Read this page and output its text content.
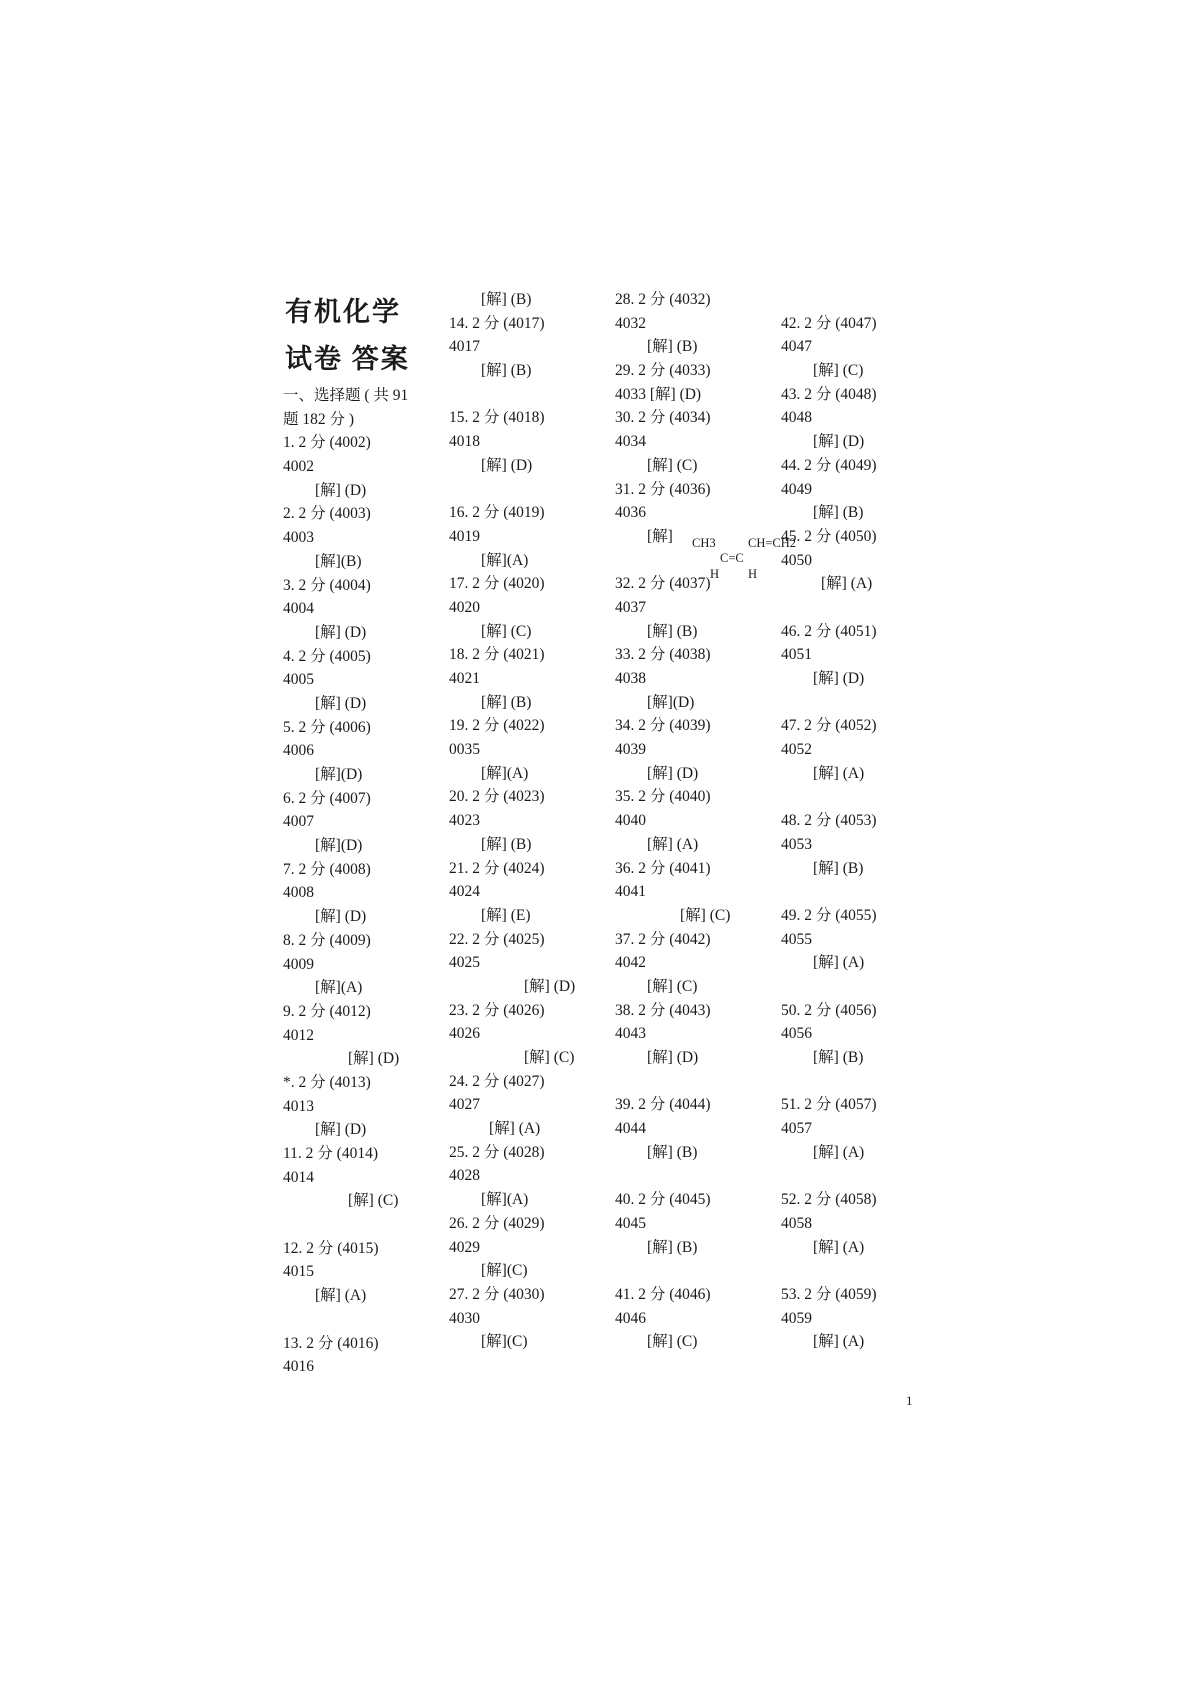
有机化学
试卷 答案
一、选择题 ( 共 91
题 182 分 )
1. 2 分 (4002)
4002
[解] (D)
2. 2 分 (4003)
4003
[解](B)
3. 2 分 (4004)
4004
[解] (D)
4. 2 分 (4005)
4005
[解] (D)
5. 2 分 (4006)
4006
[解](D)
6. 2 分 (4007)
4007
[解](D)
7. 2 分 (4008)
4008
[解] (D)
8. 2 分 (4009)
4009
[解](A)
9. 2 分 (4012)
4012
[解] (D)
*. 2 分 (4013)
4013
[解] (D)
11. 2 分 (4014)
4014
[解] (C)
12. 2 分 (4015)
4015
[解] (A)
13. 2 分 (4016)
4016
[解] (B)
14. 2 分 (4017)
4017
[解] (B)
15. 2 分 (4018)
4018
[解] (D)
16. 2 分 (4019)
4019
[解](A)
17. 2 分 (4020)
4020
[解] (C)
18. 2 分 (4021)
4021
[解] (B)
19. 2 分 (4022)
0035
[解](A)
20. 2 分 (4023)
4023
[解] (B)
21. 2 分 (4024)
4024
[解] (E)
22. 2 分 (4025)
4025
[解] (D)
23. 2 分 (4026)
4026
[解] (C)
24. 2 分 (4027)
4027
[解] (A)
25. 2 分 (4028)
4028
[解](A)
26. 2 分 (4029)
4029
[解](C)
27. 2 分 (4030)
4030
[解](C)
28. 2 分 (4032)
4032
[解] (B)
29. 2 分 (4033)
4033 [解] (D)
30. 2 分 (4034)
4034
[解] (C)
31. 2 分 (4036)
4036
[解]
32. 2 分 (4037)
4037
[解] (B)
33. 2 分 (4038)
4038
[解](D)
34. 2 分 (4039)
4039
[解] (D)
35. 2 分 (4040)
4040
[解] (A)
36. 2 分 (4041)
4041
[解] (C)
37. 2 分 (4042)
4042
[解] (C)
38. 2 分 (4043)
4043
[解] (D)
39. 2 分 (4044)
4044
[解] (B)
40. 2 分 (4045)
4045
[解] (B)
41. 2 分 (4046)
4046
[解] (C)
42. 2 分 (4047)
4047
[解] (C)
43. 2 分 (4048)
4048
[解] (D)
44. 2 分 (4049)
4049
[解] (B)
45. 2 分 (4050)
4050
[解] (A)
46. 2 分 (4051)
4051
[解] (D)
47. 2 分 (4052)
4052
[解] (A)
48. 2 分 (4053)
4053
[解] (B)
49. 2 分 (4055)
4055
[解] (A)
50. 2 分 (4056)
4056
[解] (B)
51. 2 分 (4057)
4057
[解] (A)
52. 2 分 (4058)
4058
[解] (A)
53. 2 分 (4059)
4059
[解] (A)
CH3	CH=CH2
C=C
H H
1
